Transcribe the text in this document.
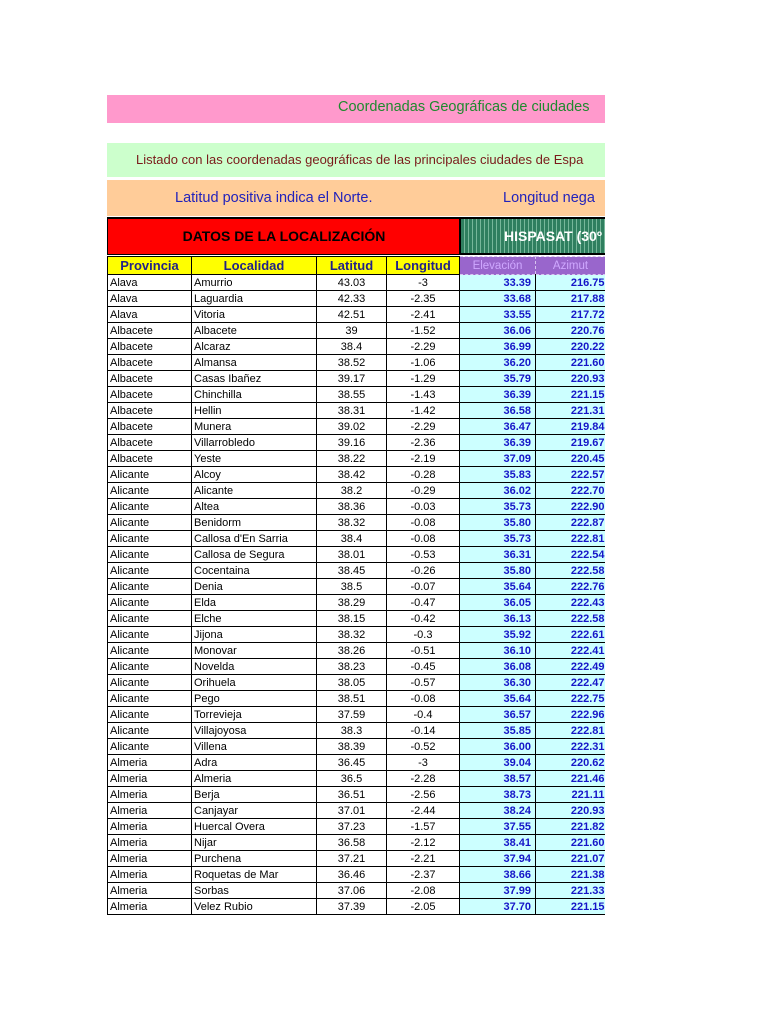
Coordenadas Geográficas de ciudades
Listado con las coordenadas geográficas de las principales ciudades de Espa
Latitud positiva indica el Norte.	Longitud nega
DATOS DE LA LOCALIZACIÓN	HISPASAT (30º
Provincia	Localidad	Latitud	Longitud	Elevación	Azimut
Alava	Amurrio	43.03	-3	33.39	216.75
Alava	Laguardia	42.33	-2.35	33.68	217.88
Alava	Vitoria	42.51	-2.41	33.55	217.72
Albacete	Albacete	39	-1.52	36.06	220.76
Albacete	Alcaraz	38.4	-2.29	36.99	220.22
Albacete	Almansa	38.52	-1.06	36.20	221.60
Albacete	Casas Ibañez	39.17	-1.29	35.79	220.93
Albacete	Chinchilla	38.55	-1.43	36.39	221.15
Albacete	Hellin	38.31	-1.42	36.58	221.31
Albacete	Munera	39.02	-2.29	36.47	219.84
Albacete	Villarrobledo	39.16	-2.36	36.39	219.67
Albacete	Yeste	38.22	-2.19	37.09	220.45
Alicante	Alcoy	38.42	-0.28	35.83	222.57
Alicante	Alicante	38.2	-0.29	36.02	222.70
Alicante	Altea	38.36	-0.03	35.73	222.90
Alicante	Benidorm	38.32	-0.08	35.80	222.87
Alicante	Callosa d'En Sarria	38.4	-0.08	35.73	222.81
Alicante	Callosa de Segura	38.01	-0.53	36.31	222.54
Alicante	Cocentaina	38.45	-0.26	35.80	222.58
Alicante	Denia	38.5	-0.07	35.64	222.76
Alicante	Elda	38.29	-0.47	36.05	222.43
Alicante	Elche	38.15	-0.42	36.13	222.58
Alicante	Jijona	38.32	-0.3	35.92	222.61
Alicante	Monovar	38.26	-0.51	36.10	222.41
Alicante	Novelda	38.23	-0.45	36.08	222.49
Alicante	Orihuela	38.05	-0.57	36.30	222.47
Alicante	Pego	38.51	-0.08	35.64	222.75
Alicante	Torrevieja	37.59	-0.4	36.57	222.96
Alicante	Villajoyosa	38.3	-0.14	35.85	222.81
Alicante	Villena	38.39	-0.52	36.00	222.31
Almeria	Adra	36.45	-3	39.04	220.62
Almeria	Almeria	36.5	-2.28	38.57	221.46
Almeria	Berja	36.51	-2.56	38.73	221.11
Almeria	Canjayar	37.01	-2.44	38.24	220.93
Almeria	Huercal Overa	37.23	-1.57	37.55	221.82
Almeria	Nijar	36.58	-2.12	38.41	221.60
Almeria	Purchena	37.21	-2.21	37.94	221.07
Almeria	Roquetas de Mar	36.46	-2.37	38.66	221.38
Almeria	Sorbas	37.06	-2.08	37.99	221.33
Almeria	Velez Rubio	37.39	-2.05	37.70	221.15
